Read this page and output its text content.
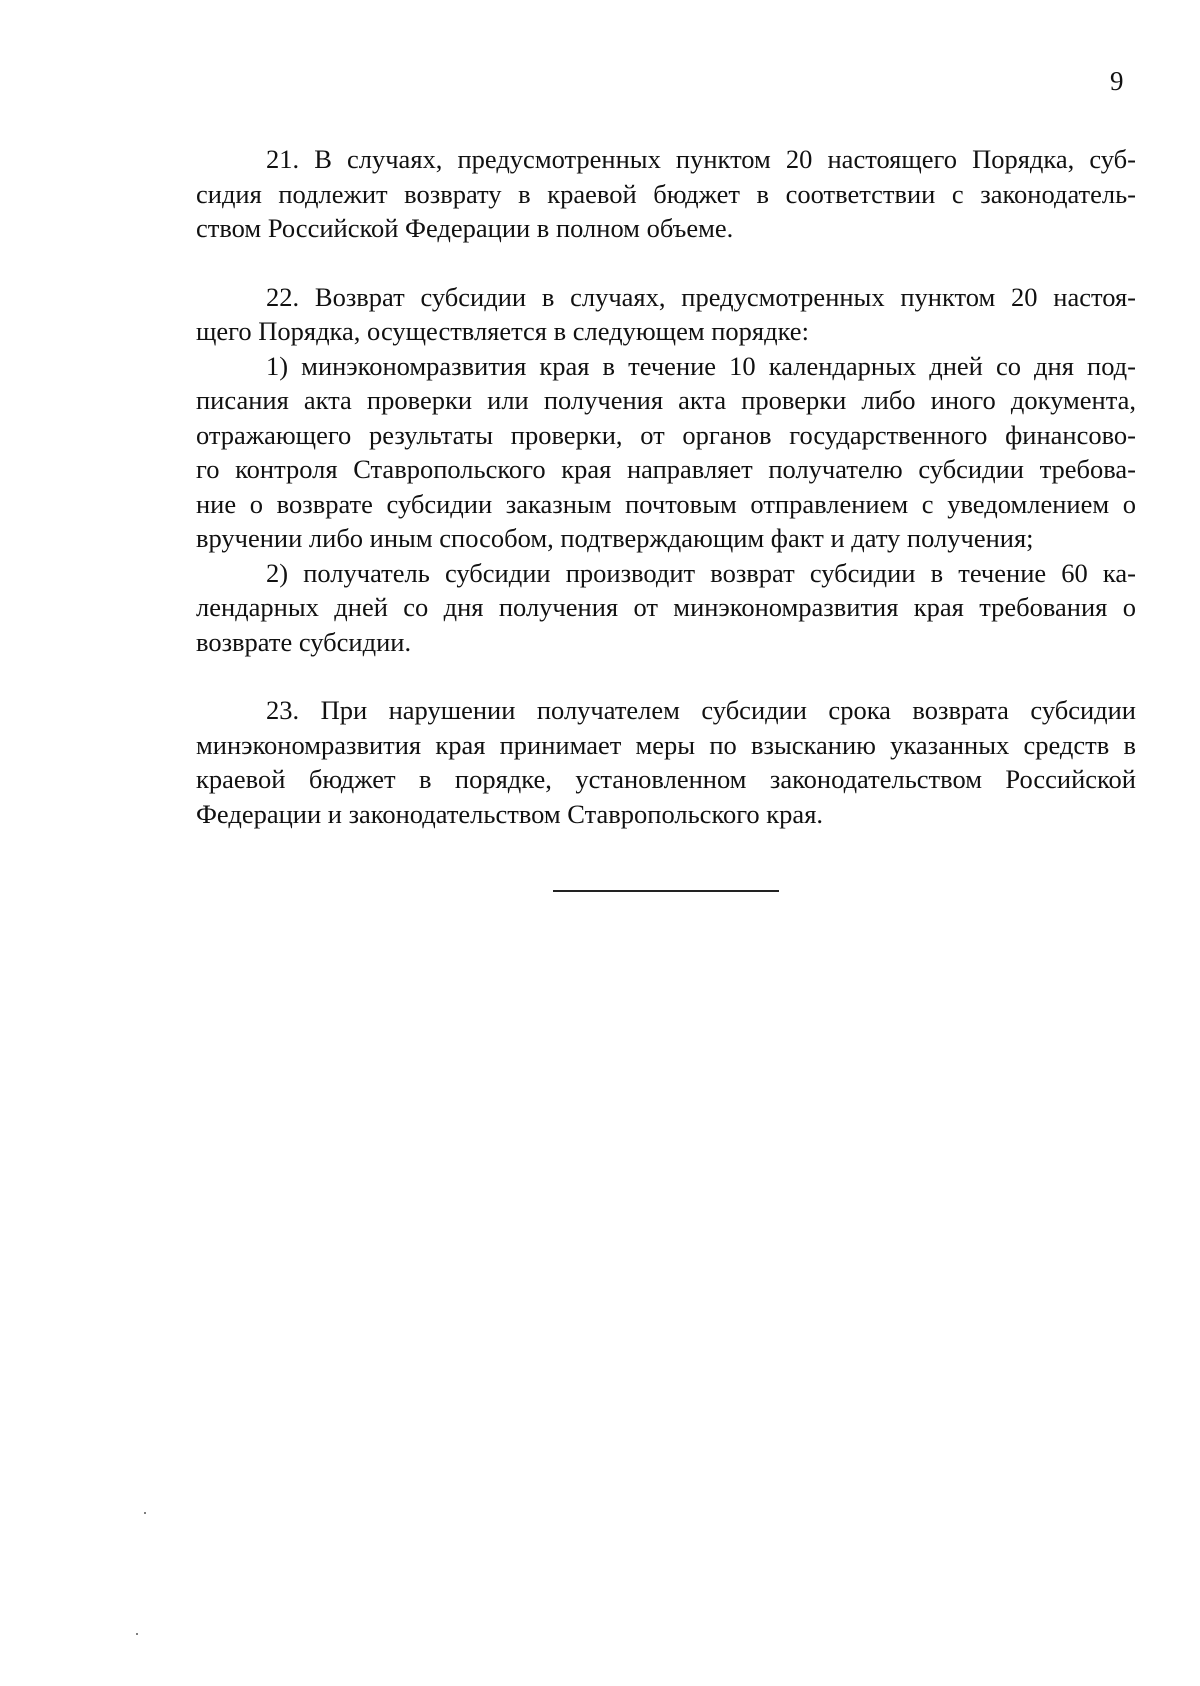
9

21. В случаях, предусмотренных пунктом 20 настоящего Порядка, суб-
сидия подлежит возврату в краевой бюджет в соответствии с законодатель-
ством Российской Федерации в полном объеме.

22. Возврат субсидии в случаях, предусмотренных пунктом 20 настоя-
щего Порядка, осуществляется в следующем порядке:

1) минэкономразвития края в течение 10 календарных дней со дня под-
писания акта проверки или получения акта проверки либо иного документа,
отражающего результаты проверки, от органов государственного финансово-
го контроля Ставропольского края направляет получателю субсидии требова-
ние о возврате субсидии заказным почтовым отправлением с уведомлением о
вручении либо иным способом, подтверждающим факт и дату получения;

2) получатель субсидии производит возврат субсидии в течение 60 ка-
лендарных дней со дня получения от минэкономразвития края требования о
возврате субсидии.

23. При нарушении получателем субсидии срока возврата субсидии
минэкономразвития края принимает меры по взысканию указанных средств в
краевой бюджет в порядке, установленном законодательством Российской
Федерации и законодательством Ставропольского края.
